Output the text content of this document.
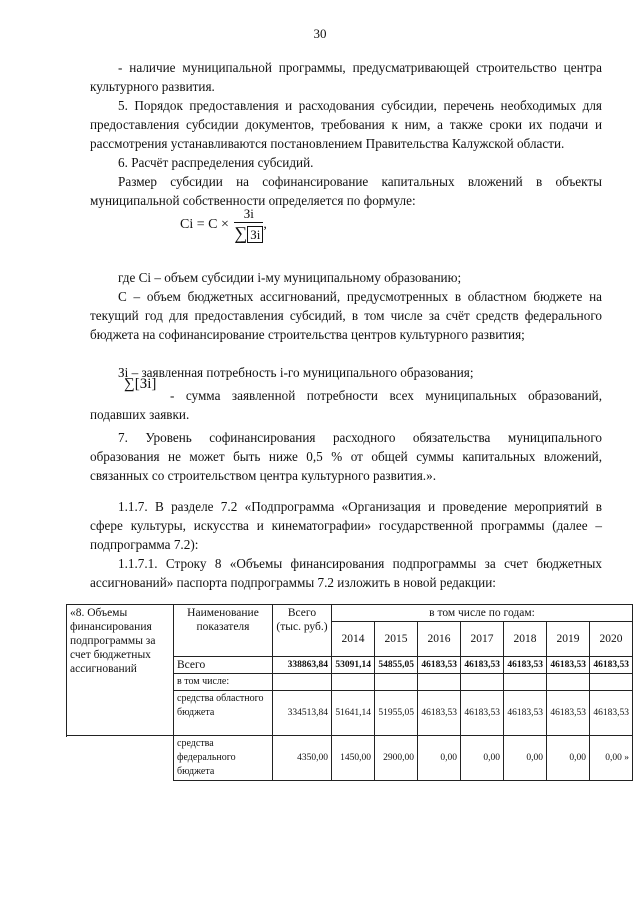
30

- наличие муниципальной программы, предусматривающей строительство центра культурного развития.

5. Порядок предоставления и расходования субсидии, перечень необходимых для предоставления субсидии документов, требования к ним, а также сроки их подачи и рассмотрения устанавливаются постановлением Правительства Калужской области.

6. Расчёт распределения субсидий.

Размер субсидии на софинансирование капитальных вложений в объекты муниципальной собственности определяется по формуле:

$Ci = C \times \frac{Зi}{\sum Зi}$ ,

где Ci – объем субсидии i-му муниципальному образованию;

С – объем бюджетных ассигнований, предусмотренных в областном бюджете на текущий год для предоставления субсидий, в том числе за счёт средств федерального бюджета на софинансирование строительства центров культурного развития;

Зi – заявленная потребность i-го муниципального образования;

- сумма заявленной потребности всех муниципальных образований, подавших заявки.

∑[Зi]

7. Уровень софинансирования расходного обязательства муниципального образования не может быть ниже 0,5 % от общей суммы капитальных вложений, связанных со строительством центра культурного развития.».

1.1.7. В разделе 7.2 «Подпрограмма «Организация и проведение мероприятий в сфере культуры, искусства и кинематографии» государственной программы (далее – подпрограмма 7.2):

1.1.7.1. Строку 8 «Объемы финансирования подпрограммы за счет бюджетных ассигнований» паспорта подпрограммы 7.2 изложить в новой редакции:

«8. Объемы финансирования подпрограммы за счет бюджетных ассигнований	Наименование показателя	Всего (тыс. руб.)	в том числе по годам:						
			2014	2015	2016	2017	2018	2019	2020
	Всего	338863,84	53091,14	54855,05	46183,53	46183,53	46183,53	46183,53	46183,53
	в том числе:								
	средства областного бюджета	334513,84	51641,14	51955,05	46183,53	46183,53	46183,53	46183,53	46183,53

	средства федерального бюджета	4350,00	1450,00	2900,00	0,00	0,00	0,00	0,00	0,00 »
